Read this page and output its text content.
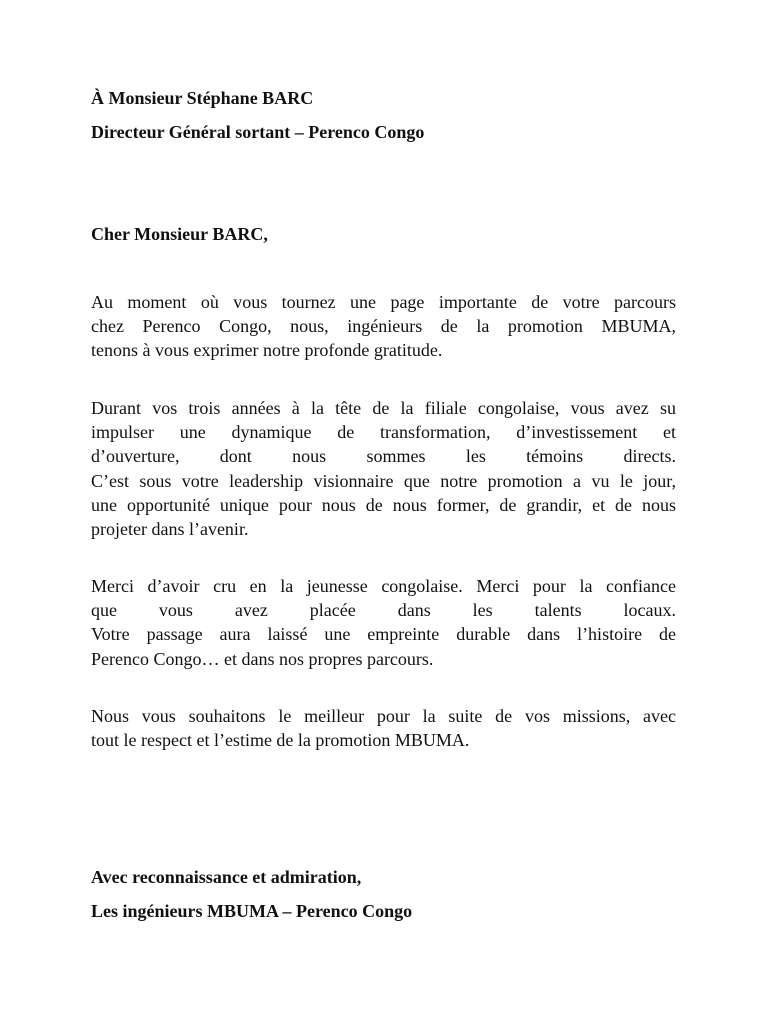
À Monsieur Stéphane BARC
Directeur Général sortant – Perenco Congo
Cher Monsieur BARC,
Au moment où vous tournez une page importante de votre parcours
chez Perenco Congo, nous, ingénieurs de la promotion MBUMA,
tenons à vous exprimer notre profonde gratitude.
Durant vos trois années à la tête de la filiale congolaise, vous avez su
impulser une dynamique de transformation, d’investissement et
d’ouverture, dont nous sommes les témoins directs.
C’est sous votre leadership visionnaire que notre promotion a vu le jour,
une opportunité unique pour nous de nous former, de grandir, et de nous
projeter dans l’avenir.
Merci d’avoir cru en la jeunesse congolaise. Merci pour la confiance
que vous avez placée dans les talents locaux.
Votre passage aura laissé une empreinte durable dans l’histoire de
Perenco Congo… et dans nos propres parcours.
Nous vous souhaitons le meilleur pour la suite de vos missions, avec
tout le respect et l’estime de la promotion MBUMA.
Avec reconnaissance et admiration,
Les ingénieurs MBUMA – Perenco Congo
